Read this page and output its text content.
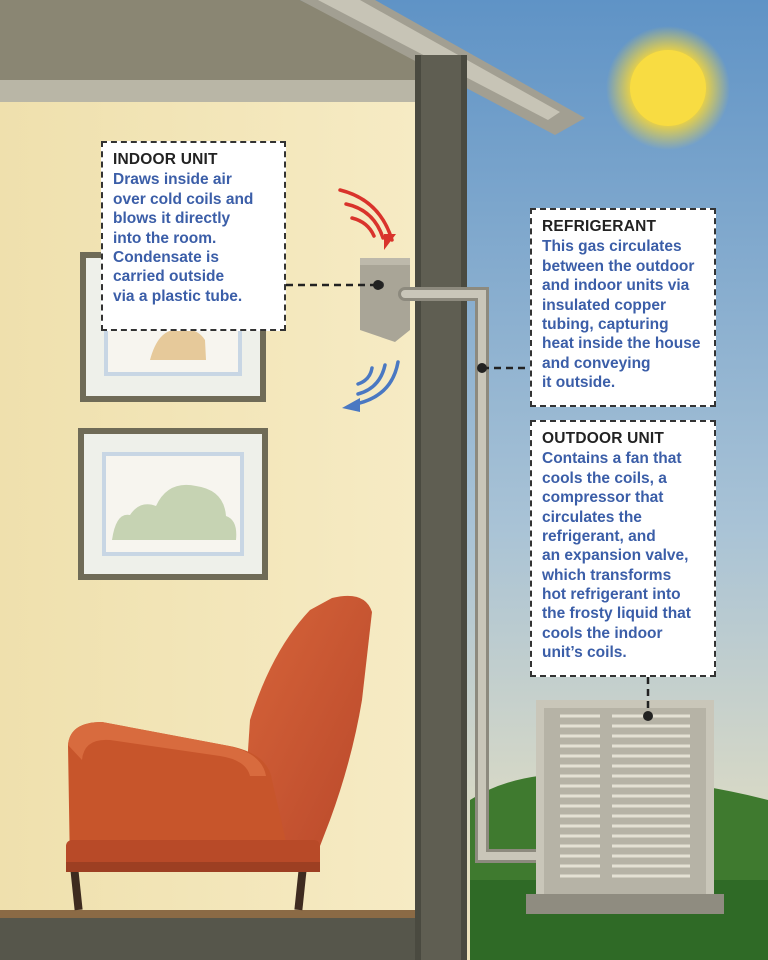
INDOOR UNIT
Draws inside air
over cold coils and
blows it directly
into the room.
Condensate is
carried outside
via a plastic tube.
REFRIGERANT
This gas circulates
between the outdoor
and indoor units via
insulated copper
tubing, capturing
heat inside the house
and conveying
it outside.
OUTDOOR UNIT
Contains a fan that
cools the coils, a
compressor that
circulates the
refrigerant, and
an expansion valve,
which transforms
hot refrigerant into
the frosty liquid that
cools the indoor
unit’s coils.
